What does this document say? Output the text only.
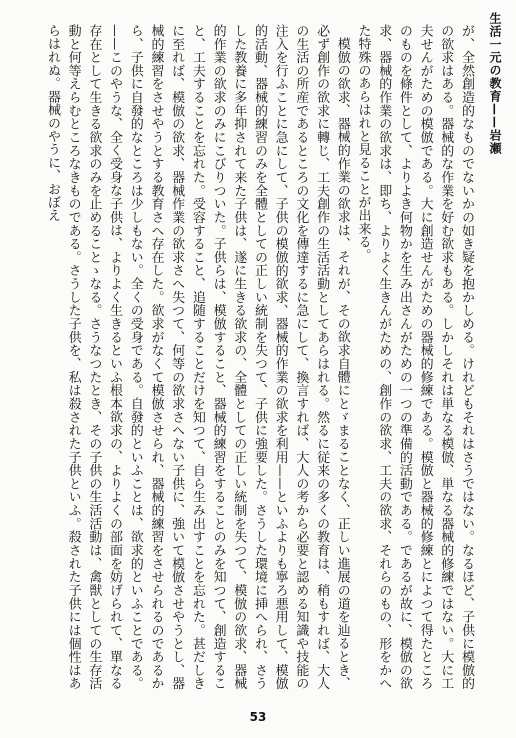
生活一元の教育——岩瀬

が、全然創造的なものでないかの如き疑を抱かしめる。けれどもそれはさうではない。なるほど、子供に模倣的の欲求はある。器械的な作業を好む欲求もある。しかしそれは単なる模倣、単なる器械的修練ではない。大に工夫せんがための模倣である。大に創造せんがための器械的修練である。模倣と器械的修練とによつて得たところのものを條件として、よりよき何物かを生み出さんがための一つの準備的活動である。であるが故に、模倣の欲求、器械的作業の欲求は、即ち、よりよく生きんがための、創作の欲求、工夫の欲求、それらのもの、形をかへた特殊のあらはれと見ることが出来る。

模倣の欲求、器械的作業の欲求は、それが、その欲求自體にとゞまることなく、正しい進展の道を辿るとき、必ず創作の欲求に轉じ、工夫創作の生活活動としてあらはれる。然るに従来の多くの教育は、稍もすれば、大人の生活の所産であるところの文化を傳達するに急にして、換言すれば、大人の考から必要と認める知識や技能の注入を行ふことに急にして、子供の模倣的欲求、器械的作業の欲求を利用——といふよりも寧ろ悪用して、模倣的活動、器械的練習のみを全體としての正しい統制を失つて、子供に強要した。さうした環境に挿へられ、さうした教養に多年抑されて来た子供は、遂に生きる欲求の、全體としての正しい統制を失つて、模倣の欲求、器械的作業の欲求のみにこびりついた。子供らは、模倣すること、器械的練習をすることのみを知つて、創造すること、工夫することを忘れた。受容すること、追随することだけを知つて、自ら生み出すことを忘れた。甚だしきに至れば、模倣の欲求、器械作業の欲求さへ失つて、何等の欲求さへない子供に、強いて模倣させやうとし、器械的練習をさせやうとする教育さへ存在した。欲求がなくて模倣させられ、器械的練習をさせられるのであるから、子供に自發的なところは少しもない。全くの受身である。自發的といふことは、欲求的といふことである。——このやうな、全く受身な子供は、よりよく生きるといふ根本欲求の、よりよくの部面を妨げられて、單なる存在として生きる欲求のみを止めることゝなる。さうなつたとき、その子供の生活活動は、禽獣としての生存活動と何等えらむところなきものである。さうした子供を、私は殺された子供といふ。殺された子供には個性はあらはれぬ。器械のやうに、おぼえ

53
